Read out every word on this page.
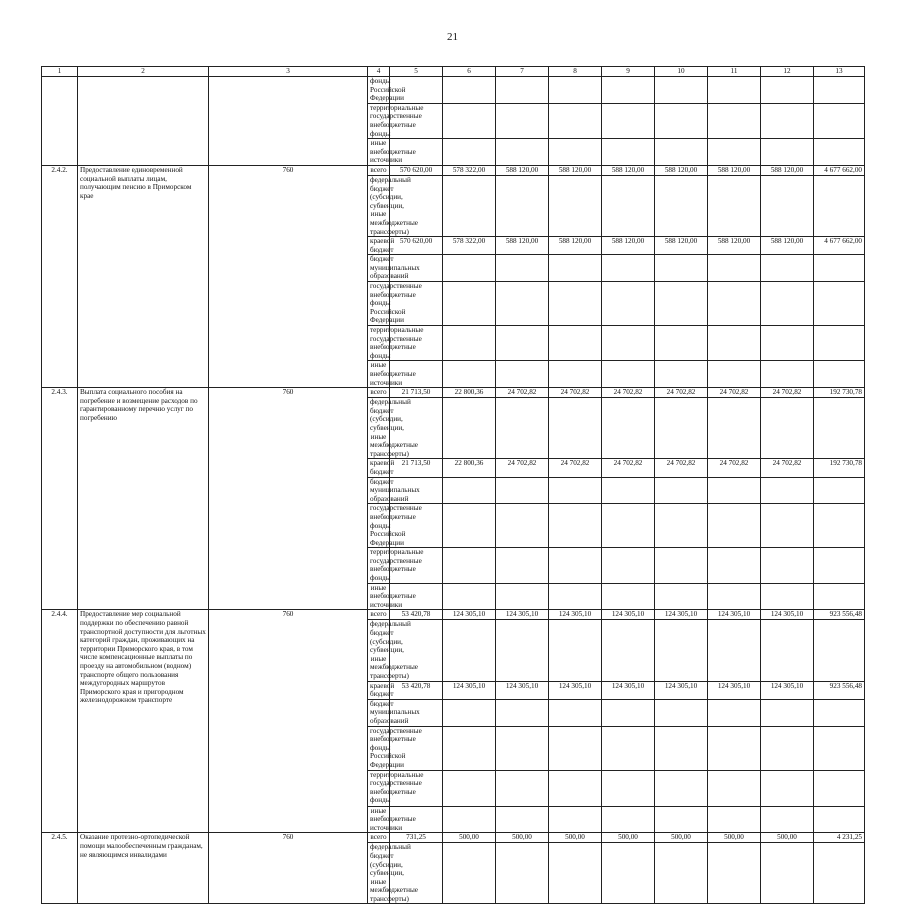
21
1	2	3	4	5	6	7	8	9	10	11	12	13
			фонды Российской Федерации									
			территориальные государственные внебюджетные фонды									
			иные внебюджетные источники									
2.4.2.	Предоставление единовременной социальной выплаты лицам, получающим пенсию в Приморском крае	760	всего	570 620,00	578 322,00	588 120,00	588 120,00	588 120,00	588 120,00	588 120,00	588 120,00	4 677 662,00
			федеральный бюджет (субсидии, субвенции, иные межбюджетные трансферты)									
			краевой бюджет	570 620,00	578 322,00	588 120,00	588 120,00	588 120,00	588 120,00	588 120,00	588 120,00	4 677 662,00
			бюджет муниципальных образований									
			государственные внебюджетные фонды Российской Федерации									
			территориальные государственные внебюджетные фонды									
			иные внебюджетные источники									
2.4.3.	Выплата социального пособия на погребение и возмещение расходов по гарантированному перечню услуг по погребению	760	всего	21 713,50	22 800,36	24 702,82	24 702,82	24 702,82	24 702,82	24 702,82	24 702,82	192 730,78
			федеральный бюджет (субсидии, субвенции, иные межбюджетные трансферты)									
			краевой бюджет	21 713,50	22 800,36	24 702,82	24 702,82	24 702,82	24 702,82	24 702,82	24 702,82	192 730,78
			бюджет муниципальных образований									
			государственные внебюджетные фонды Российской Федерации									
			территориальные государственные внебюджетные фонды									
			иные внебюджетные источники									
2.4.4.	Предоставление мер социальной поддержки по обеспечению равной транспортной доступности для льготных категорий граждан, проживающих на территории Приморского края, в том числе компенсационные выплаты по проезду на автомобильном (водном) транспорте общего пользования междугородных маршрутов Приморского края и пригородном железнодорожном транспорте	760	всего	53 420,78	124 305,10	124 305,10	124 305,10	124 305,10	124 305,10	124 305,10	124 305,10	923 556,48
			федеральный бюджет (субсидии, субвенции, иные межбюджетные трансферты)									
			краевой бюджет	53 420,78	124 305,10	124 305,10	124 305,10	124 305,10	124 305,10	124 305,10	124 305,10	923 556,48
			бюджет муниципальных образований									
			государственные внебюджетные фонды Российской Федерации									
			территориальные государственные внебюджетные фонды									
			иные внебюджетные источники									
2.4.5.	Оказание протезно-ортопедической помощи малообеспеченным гражданам, не являющимся инвалидами	760	всего	731,25	500,00	500,00	500,00	500,00	500,00	500,00	500,00	4 231,25
			федеральный бюджет (субсидии, субвенции, иные межбюджетные трансферты)									
